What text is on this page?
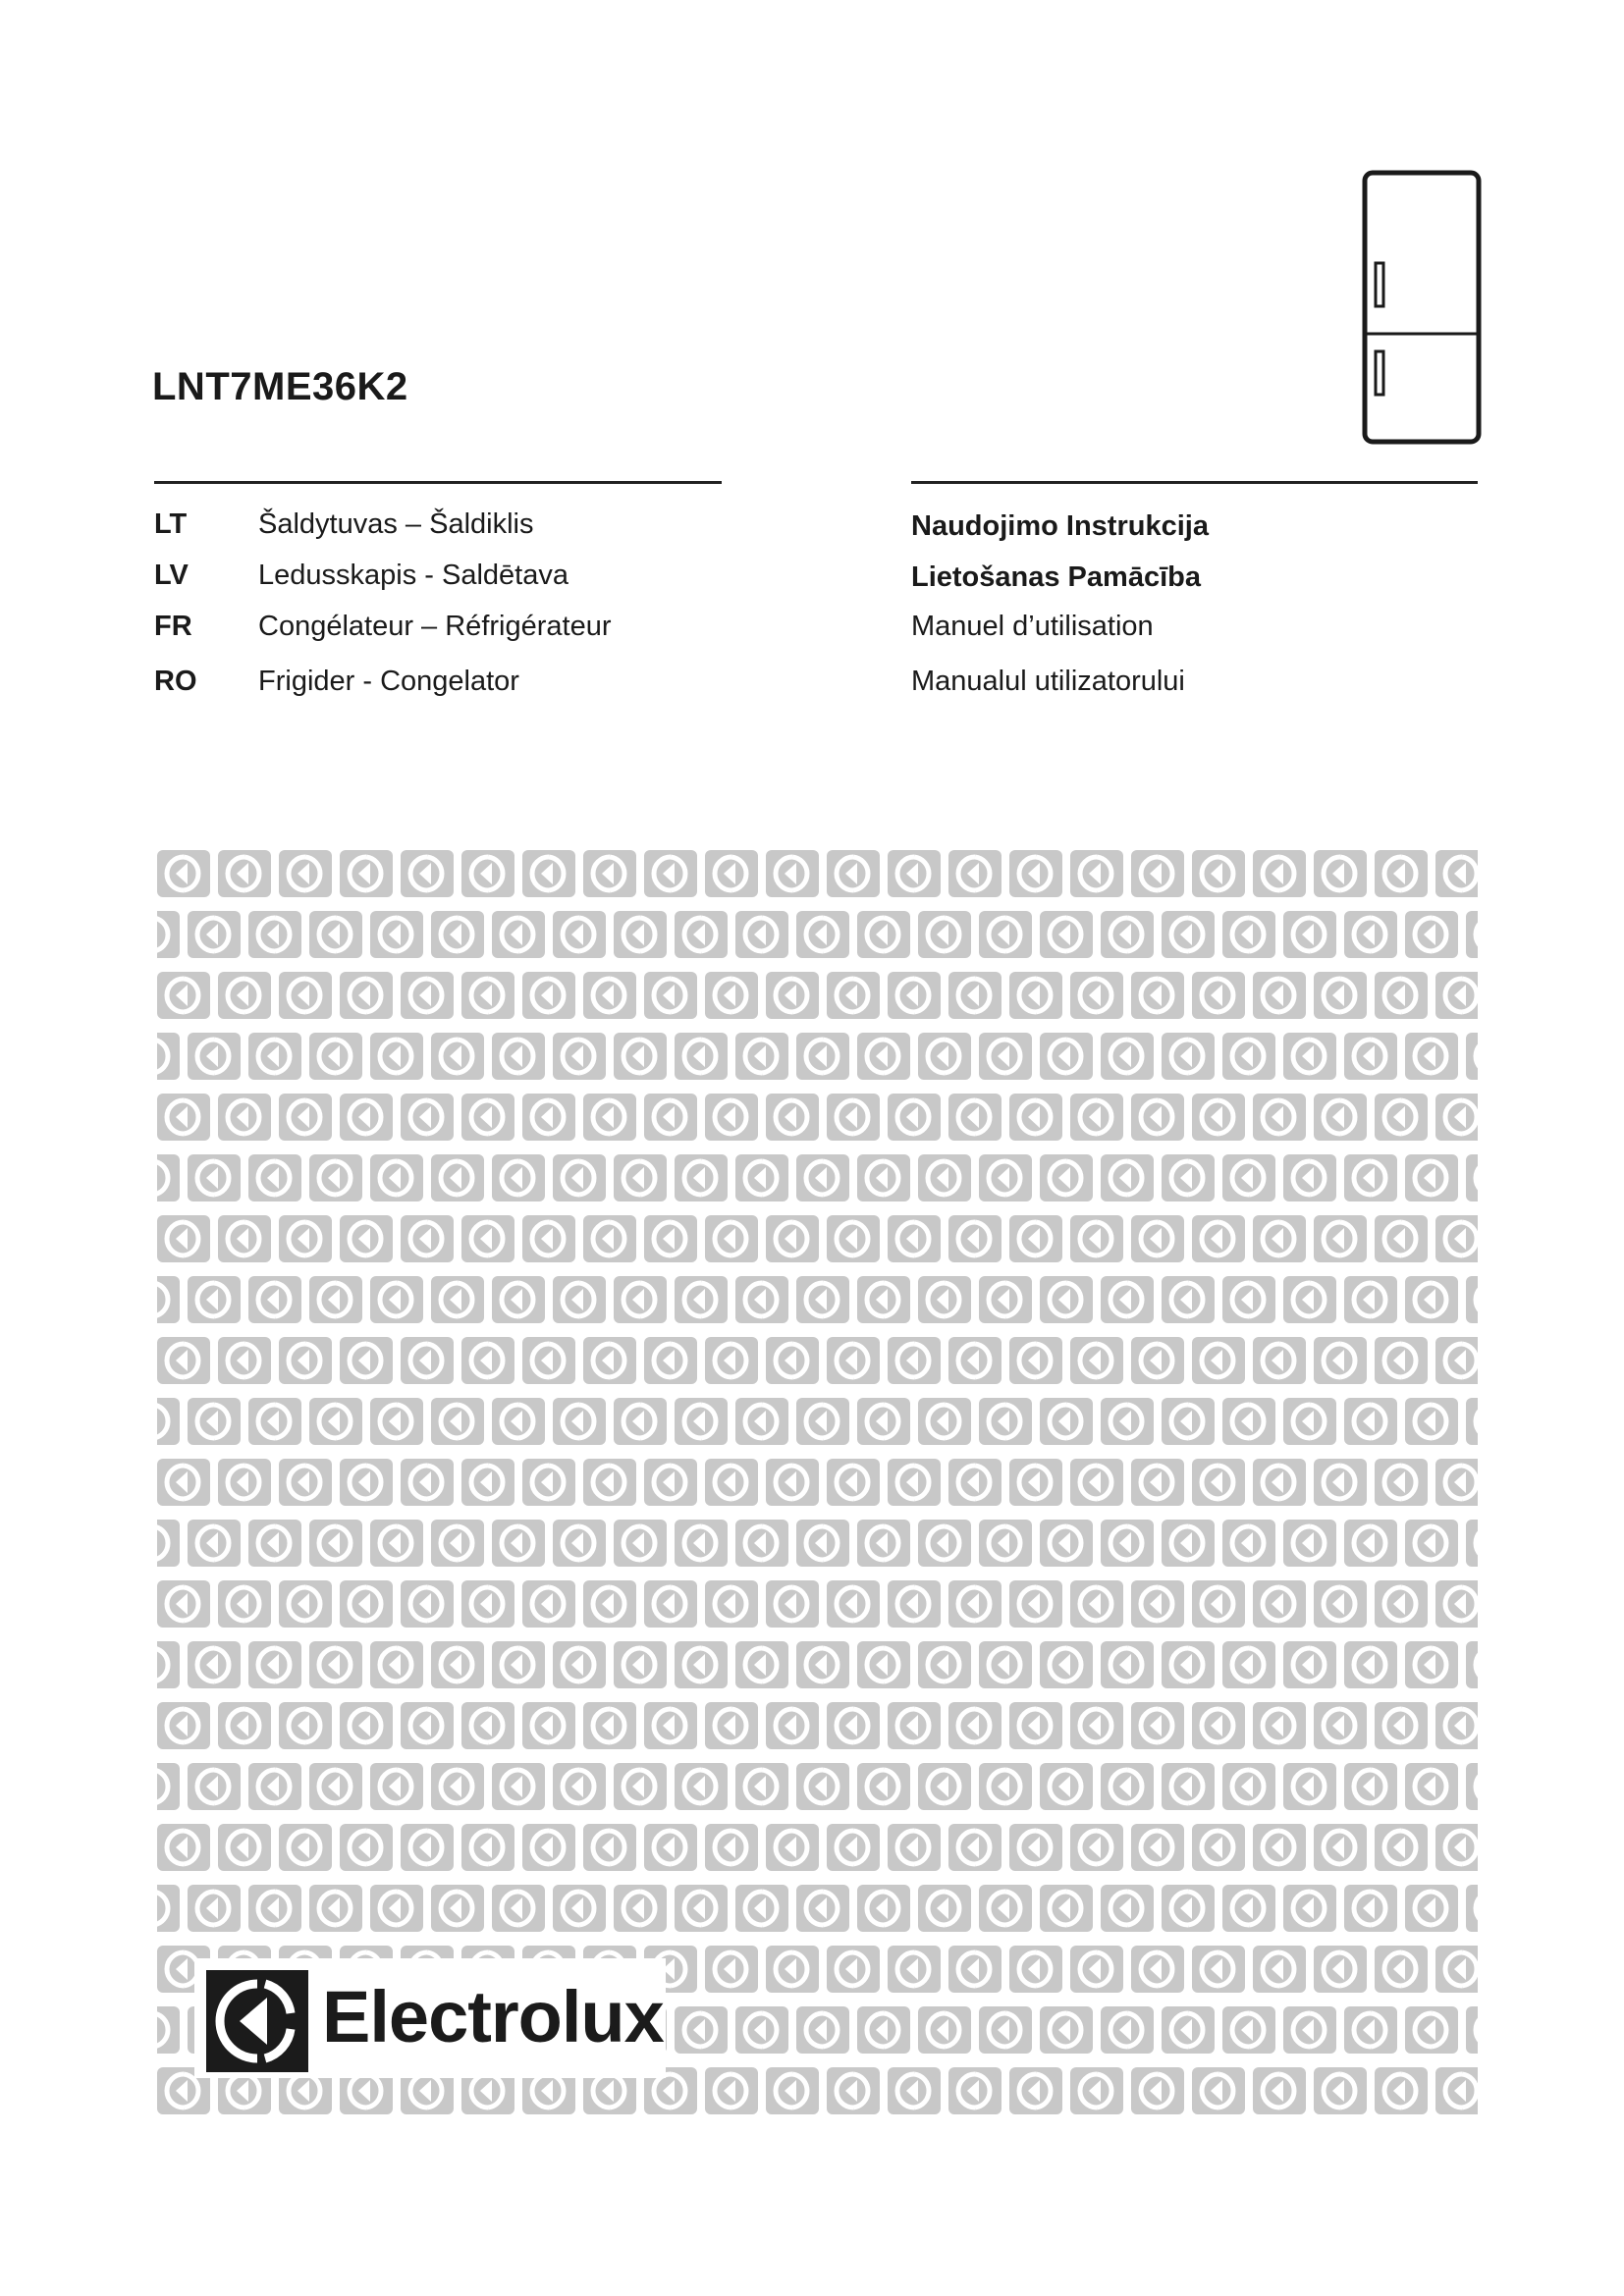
LNT7ME36K2
LT	Šaldytuvas – Šaldiklis
LV Ledusskapis - Saldētava
FR Congélateur – Réfrigérateur
RO Frigider - Congelator
Naudojimo Instrukcija
Lietošanas Pamācība
Manuel d’utilisation
Manualul utilizatorului
Electrolux
